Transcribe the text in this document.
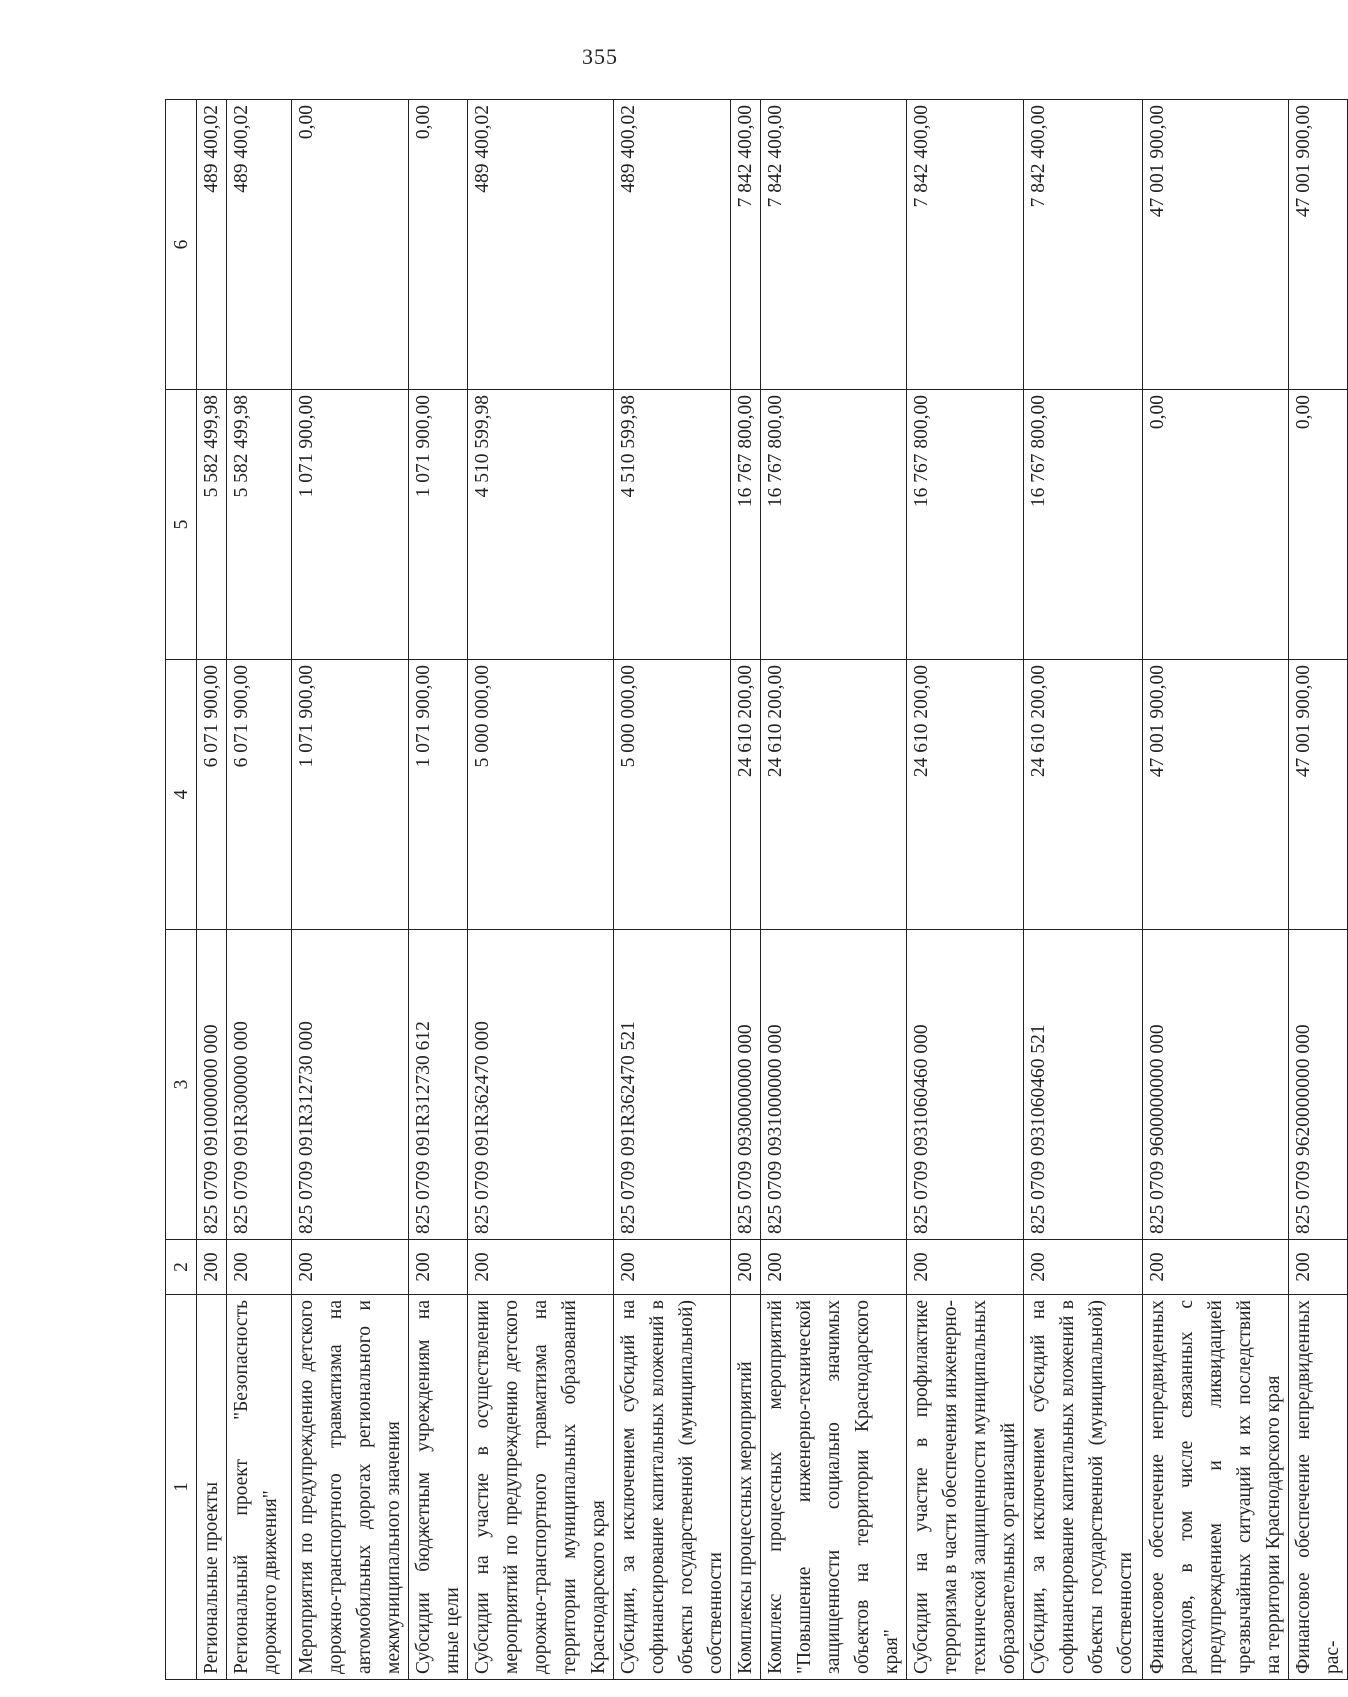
355
1	2	3	4	5	6
Региональные проекты	200	825 0709 0910000000 000	6 071 900,00	5 582 499,98	489 400,02
Региональный проект "Безопасность дорожного движения"	200	825 0709 091R300000 000	6 071 900,00	5 582 499,98	489 400,02
Мероприятия по предупреждению детского дорожно-транспортного травматизма на автомобильных дорогах регионального и межмуниципального значения	200	825 0709 091R312730 000	1 071 900,00	1 071 900,00	0,00
Субсидии бюджетным учреждениям на иные цели	200	825 0709 091R312730 612	1 071 900,00	1 071 900,00	0,00
Субсидии на участие в осуществлении мероприятий по предупреждению детского дорожно-транспортного травматизма на территории муниципальных образований Краснодарского края	200	825 0709 091R362470 000	5 000 000,00	4 510 599,98	489 400,02
Субсидии, за исключением субсидий на софинансирование капитальных вложений в объекты государственной (муниципальной) собственности	200	825 0709 091R362470 521	5 000 000,00	4 510 599,98	489 400,02
Комплексы процессных мероприятий	200	825 0709 0930000000 000	24 610 200,00	16 767 800,00	7 842 400,00
Комплекс процессных мероприятий "Повышение инженерно-технической защищенности социально значимых объектов на территории Краснодарского края"	200	825 0709 0931000000 000	24 610 200,00	16 767 800,00	7 842 400,00
Субсидии на участие в профилактике терроризма в части обеспечения инженерно-технической защищенности муниципальных образовательных организаций	200	825 0709 0931060460 000	24 610 200,00	16 767 800,00	7 842 400,00
Субсидии, за исключением субсидий на софинансирование капитальных вложений в объекты государственной (муниципальной) собственности	200	825 0709 0931060460 521	24 610 200,00	16 767 800,00	7 842 400,00
Финансовое обеспечение непредвиденных расходов, в том числе связанных с предупреждением и ликвидацией чрезвычайных ситуаций и их последствий на территории Краснодарского края	200	825 0709 9600000000 000	47 001 900,00	0,00	47 001 900,00
Финансовое обеспечение непредвиденных рас-	200	825 0709 9620000000 000	47 001 900,00	0,00	47 001 900,00
